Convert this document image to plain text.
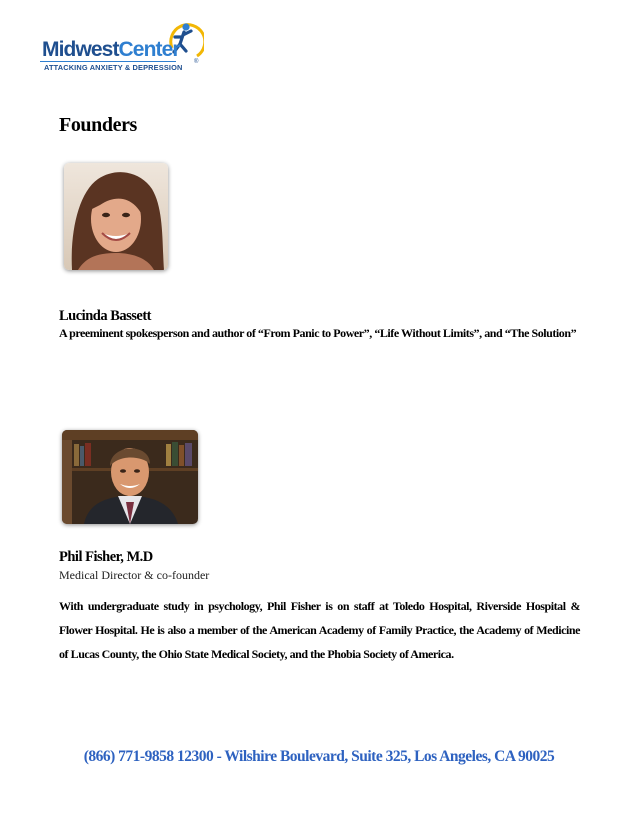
MidwestCenter
ATTACKING ANXIETY & DEPRESSION
®
Founders
Lucinda Bassett
A preeminent spokesperson and author of “From Panic to Power”, “Life Without Limits”, and “The Solution”
Phil Fisher, M.D
Medical Director & co-founder
With undergraduate study in psychology, Phil Fisher is on staff at Toledo Hospital, Riverside Hospital & Flower Hospital. He is also a member of the American Academy of Family Practice, the Academy of Medicine of Lucas County, the Ohio State Medical Society, and the Phobia Society of America.
(866) 771-9858 12300 - Wilshire Boulevard, Suite 325, Los Angeles, CA 90025
